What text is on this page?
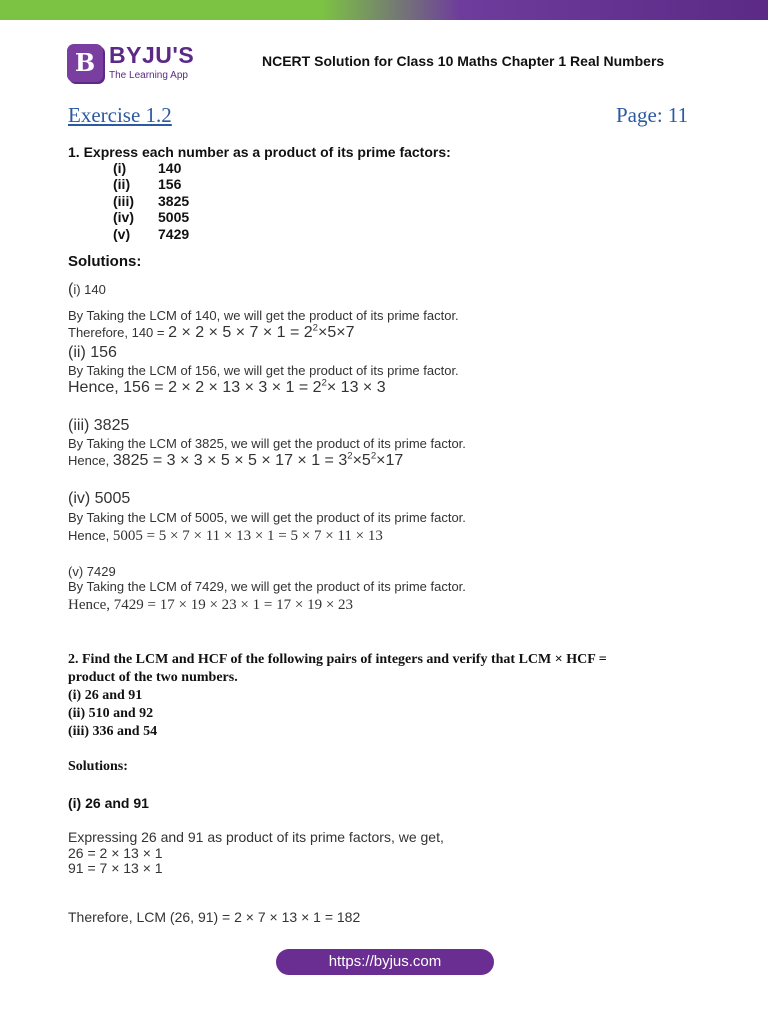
B BYJU'S
The Learning App
NCERT Solution for Class 10 Maths Chapter 1 Real Numbers
Exercise 1.2	Page: 11
1. Express each number as a product of its prime factors:
(i) 140
(ii) 156
(iii) 3825
(iv) 5005
(v) 7429
Solutions:
(i) 140
By Taking the LCM of 140, we will get the product of its prime factor.
Therefore, $140 = 2 \times 2 \times 5 \times 7 \times 1 = 2^2\times 5\times 7$
(ii) 156
By Taking the LCM of 156, we will get the product of its prime factor.
Hence, $156 = 2 \times 2 \times 13 \times 3 \times 1 = 2^2\times 13 \times 3$
(iii) 3825
By Taking the LCM of 3825, we will get the product of its prime factor.
Hence, $3825 = 3 \times 3 \times 5 \times 5 \times 17 \times 1 = 3^2\times 5^2\times 17$
(iv) 5005
By Taking the LCM of 5005, we will get the product of its prime factor.
Hence, 5005 = 5 × 7 × 11 × 13 × 1 = 5 × 7 × 11 × 13
(v) 7429
By Taking the LCM of 7429, we will get the product of its prime factor.
Hence, 7429 = 17 × 19 × 23 × 1 = 17 × 19 × 23
2. Find the LCM and HCF of the following pairs of integers and verify that LCM × HCF =
product of the two numbers.
(i) 26 and 91
(ii) 510 and 92
(iii) 336 and 54
Solutions:
(i) 26 and 91
Expressing 26 and 91 as product of its prime factors, we get,
26 = 2 × 13 × 1
91 = 7 × 13 × 1
Therefore, LCM (26, 91) = 2 × 7 × 13 × 1 = 182
https://byjus.com
